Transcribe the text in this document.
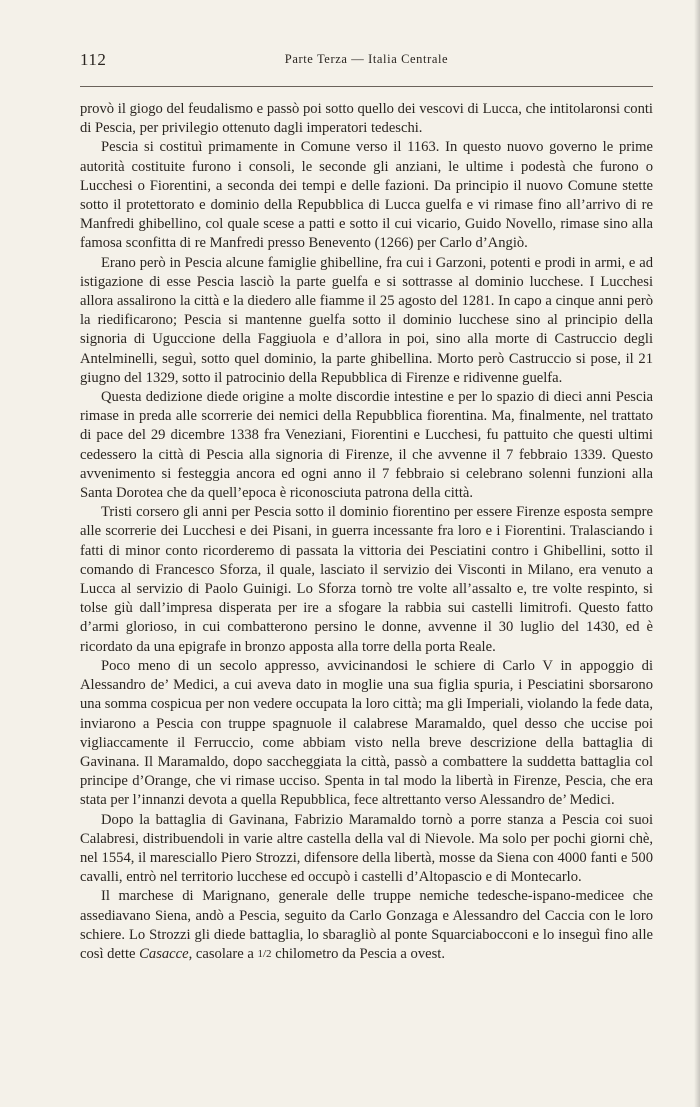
112	Parte Terza — Italia Centrale

provò il giogo del feudalismo e passò poi sotto quello dei vescovi di Lucca, che intitolaronsi conti di Pescia, per privilegio ottenuto dagli imperatori tedeschi.

Pescia si costituì primamente in Comune verso il 1163. In questo nuovo governo le prime autorità costituite furono i consoli, le seconde gli anziani, le ultime i podestà che furono o Lucchesi o Fiorentini, a seconda dei tempi e delle fazioni. Da principio il nuovo Comune stette sotto il protettorato e dominio della Repubblica di Lucca guelfa e vi rimase fino all’arrivo di re Manfredi ghibellino, col quale scese a patti e sotto il cui vicario, Guido Novello, rimase sino alla famosa sconfitta di re Manfredi presso Benevento (1266) per Carlo d’Angiò.

Erano però in Pescia alcune famiglie ghibelline, fra cui i Garzoni, potenti e prodi in armi, e ad istigazione di esse Pescia lasciò la parte guelfa e si sottrasse al dominio lucchese. I Lucchesi allora assalirono la città e la diedero alle fiamme il 25 agosto del 1281. In capo a cinque anni però la riedificarono; Pescia si mantenne guelfa sotto il dominio lucchese sino al principio della signoria di Uguccione della Faggiuola e d’allora in poi, sino alla morte di Castruccio degli Antelminelli, seguì, sotto quel dominio, la parte ghibellina. Morto però Castruccio si pose, il 21 giugno del 1329, sotto il patrocinio della Repubblica di Firenze e ridivenne guelfa.

Questa dedizione diede origine a molte discordie intestine e per lo spazio di dieci anni Pescia rimase in preda alle scorrerie dei nemici della Repubblica fiorentina. Ma, finalmente, nel trattato di pace del 29 dicembre 1338 fra Veneziani, Fiorentini e Lucchesi, fu pattuito che questi ultimi cedessero la città di Pescia alla signoria di Firenze, il che avvenne il 7 febbraio 1339. Questo avvenimento si festeggia ancora ed ogni anno il 7 febbraio si celebrano solenni funzioni alla Santa Dorotea che da quell’epoca è riconosciuta patrona della città.

Tristi corsero gli anni per Pescia sotto il dominio fiorentino per essere Firenze esposta sempre alle scorrerie dei Lucchesi e dei Pisani, in guerra incessante fra loro e i Fiorentini. Tralasciando i fatti di minor conto ricorderemo di passata la vittoria dei Pesciatini contro i Ghibellini, sotto il comando di Francesco Sforza, il quale, lasciato il servizio dei Visconti in Milano, era venuto a Lucca al servizio di Paolo Guinigi. Lo Sforza tornò tre volte all’assalto e, tre volte respinto, si tolse giù dall’impresa disperata per ire a sfogare la rabbia sui castelli limitrofi. Questo fatto d’armi glorioso, in cui combatterono persino le donne, avvenne il 30 luglio del 1430, ed è ricordato da una epigrafe in bronzo apposta alla torre della porta Reale.

Poco meno di un secolo appresso, avvicinandosi le schiere di Carlo V in appoggio di Alessandro de’ Medici, a cui aveva dato in moglie una sua figlia spuria, i Pesciatini sborsarono una somma cospicua per non vedere occupata la loro città; ma gli Imperiali, violando la fede data, inviarono a Pescia con truppe spagnuole il calabrese Maramaldo, quel desso che uccise poi vigliaccamente il Ferruccio, come abbiam visto nella breve descrizione della battaglia di Gavinana. Il Maramaldo, dopo saccheggiata la città, passò a combattere la suddetta battaglia col principe d’Orange, che vi rimase ucciso. Spenta in tal modo la libertà in Firenze, Pescia, che era stata per l’innanzi devota a quella Repubblica, fece altrettanto verso Alessandro de’ Medici.

Dopo la battaglia di Gavinana, Fabrizio Maramaldo tornò a porre stanza a Pescia coi suoi Calabresi, distribuendoli in varie altre castella della val di Nievole. Ma solo per pochi giorni chè, nel 1554, il maresciallo Piero Strozzi, difensore della libertà, mosse da Siena con 4000 fanti e 500 cavalli, entrò nel territorio lucchese ed occupò i castelli d’Altopascio e di Montecarlo.

Il marchese di Marignano, generale delle truppe nemiche tedesche-ispano-medicee che assediavano Siena, andò a Pescia, seguito da Carlo Gonzaga e Alessandro del Caccia con le loro schiere. Lo Strozzi gli diede battaglia, lo sbaragliò al ponte Squarciabocconi e lo inseguì fino alle così dette Casacce, casolare a 1/2 chilometro da Pescia a ovest.
